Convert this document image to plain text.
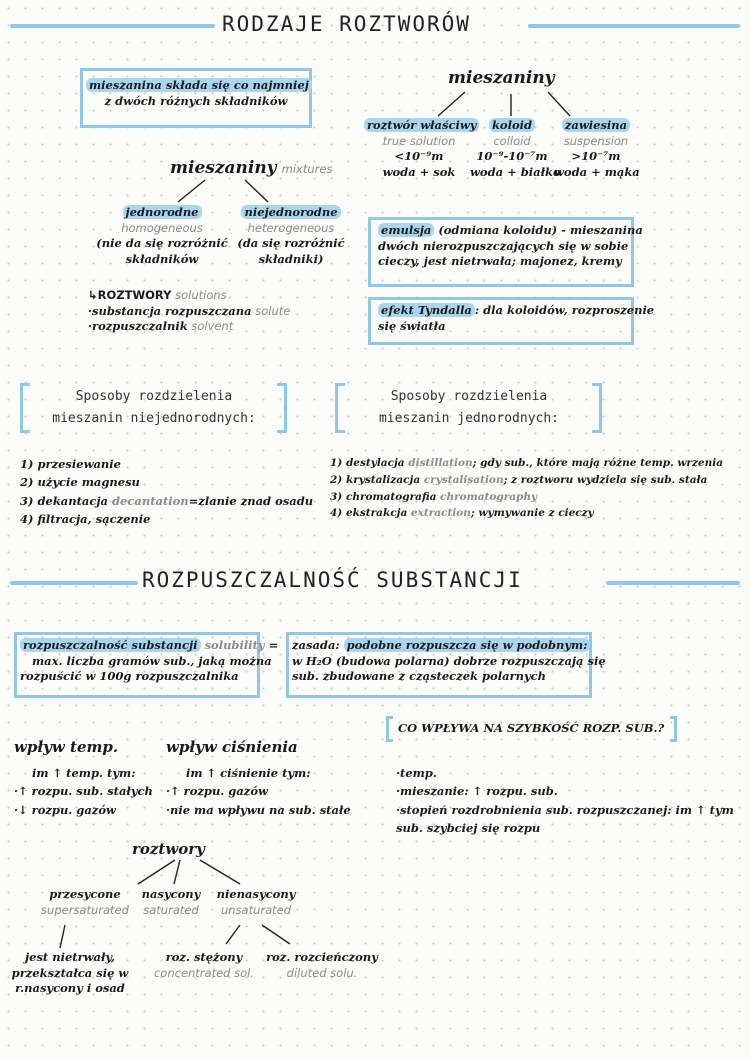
RODZAJE ROZTWORÓW
mieszanina składa się co najmniej
z dwóch różnych składników
mieszaniny
roztwór właściwy
true solution
<10⁻⁹m
woda + sok
koloid
colloid
10⁻⁹-10⁻⁷m
woda + białko
zawiesina
suspension
>10⁻⁷m
woda + mąka
mieszaniny mixtures
jednorodne
homogeneous
(nie da się rozróżnić
składników
niejednorodne
heterogeneous
(da się rozróżnić
składniki)
↳ROZTWORY solutions
·substancja rozpuszczana solute
·rozpuszczalnik solvent
emulsja (odmiana koloidu) - mieszanina
dwóch nierozpuszczających się w sobie
cieczy, jest nietrwała; majonez, kremy
efekt Tyndalla : dla koloidów, rozproszenie
się światła
Sposoby rozdzielenia
mieszanin niejednorodnych:
Sposoby rozdzielenia
mieszanin jednorodnych:
1) przesiewanie
2) użycie magnesu
3) dekantacja decantation=zlanie znad osadu
4) filtracja, sączenie
1) destylacja distillation; gdy sub., które mają różne temp. wrzenia
2) krystalizacja crystalisation; z roztworu wydziela się sub. stała
3) chromatografia chromatography
4) ekstrakcja extraction; wymywanie z cieczy
ROZPUSZCZALNOŚĆ SUBSTANCJI
rozpuszczalność substancji solubility =
max. liczba gramów sub., jaką można
rozpuścić w 100g rozpuszczalnika
zasada: podobne rozpuszcza się w podobnym:
w H₂O (budowa polarna) dobrze rozpuszczają się
sub. zbudowane z cząsteczek polarnych
CO WPŁYWA NA SZYBKOŚĆ ROZP. SUB.?
·temp.
·mieszanie: ↑ rozpu. sub.
·stopień rozdrobnienia sub. rozpuszczanej: im ↑ tym
sub. szybciej się rozpu
wpływ temp.
im ↑ temp. tym:
·↑ rozpu. sub. stałych
·↓ rozpu. gazów
wpływ ciśnienia
im ↑ ciśnienie tym:
·↑ rozpu. gazów
·nie ma wpływu na sub. stałe
roztwory
przesycone
supersaturated
nasycony
saturated
nienasycony
unsaturated
jest nietrwały,
przekształca się w
r.nasycony i osad
roz. stężony
concentrated sol.
roz. rozcieńczony
diluted solu.
